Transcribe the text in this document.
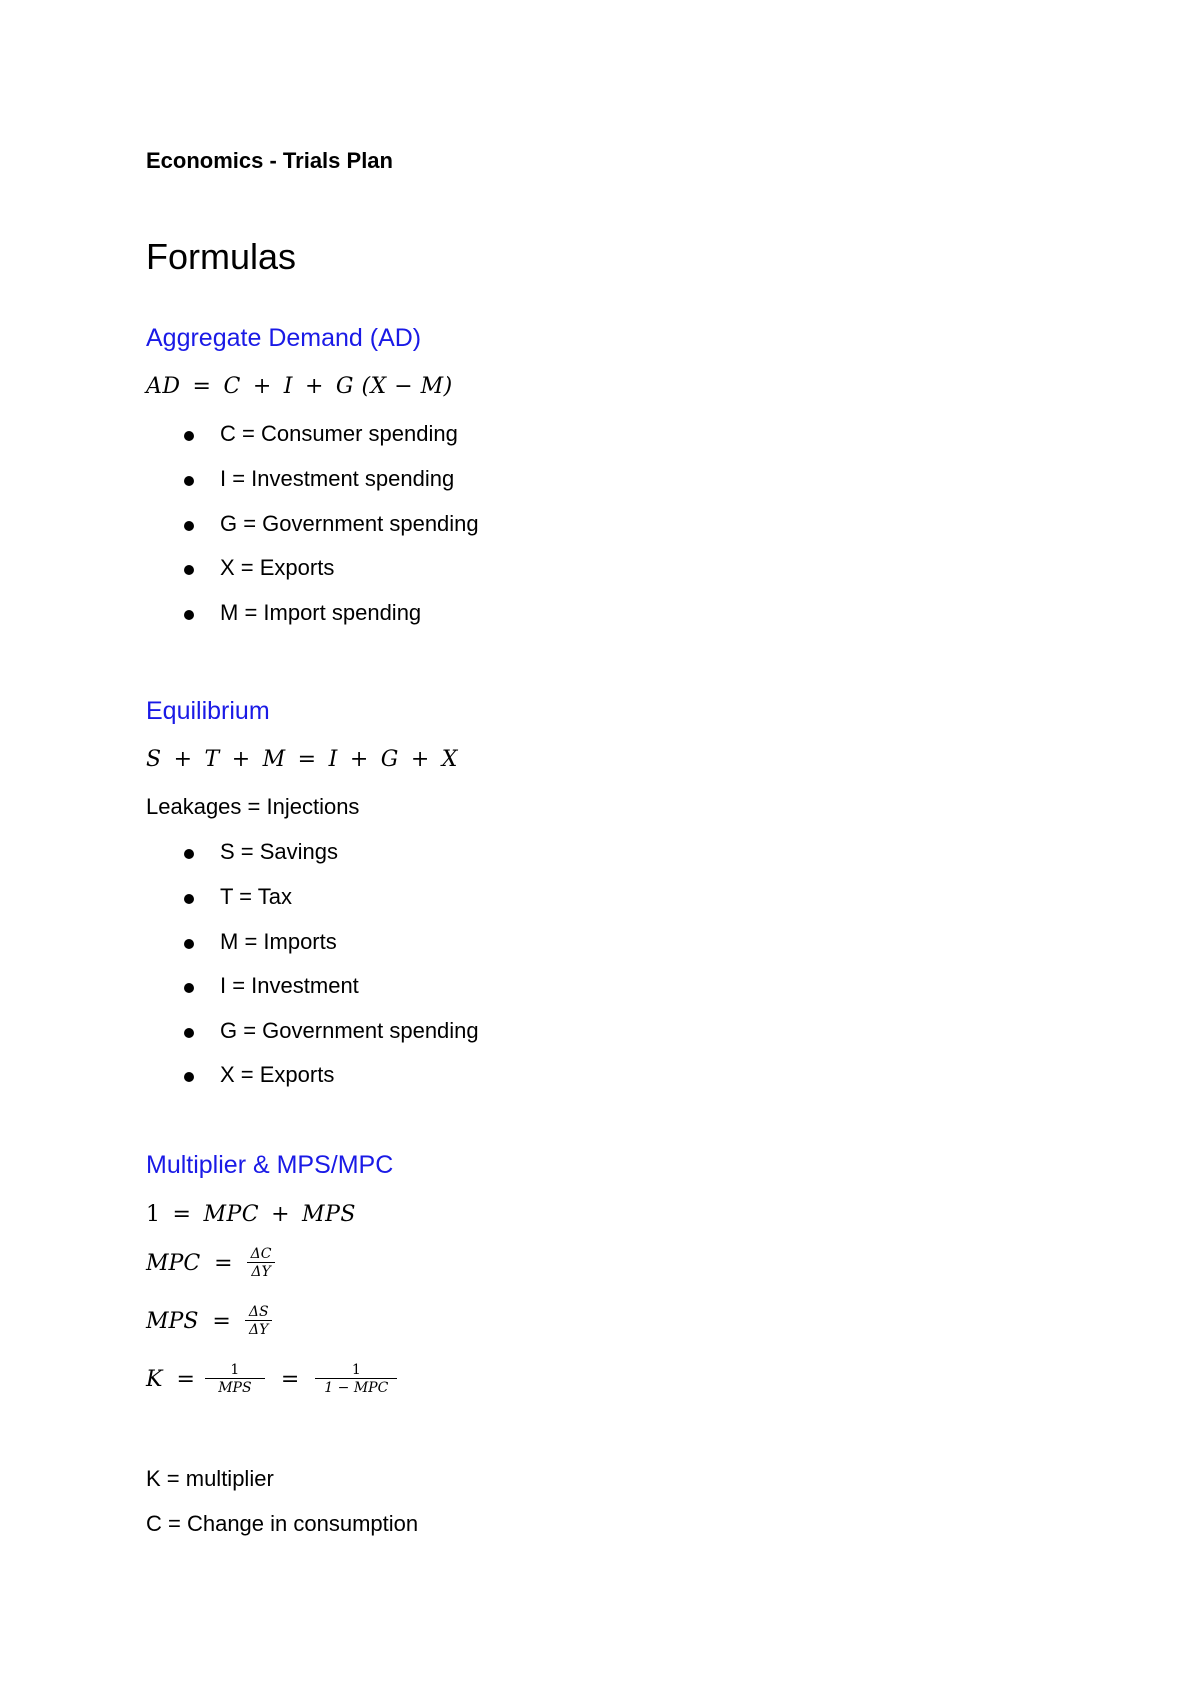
Economics - Trials Plan
Formulas
Aggregate Demand (AD)
AD = C + I + G (X − M)
C = Consumer spending
I = Investment spending
G = Government spending
X = Exports
M = Import spending
Equilibrium
S + T + M = I + G + X
Leakages = Injections
S = Savings
T = Tax
M = Imports
I = Investment
G = Government spending
X = Exports
Multiplier & MPS/MPC
1 = MPC + MPS
MPC = $\frac{\Delta C}{\Delta Y}$
MPS = $\frac{\Delta S}{\Delta Y}$
$K = \frac{1}{\text{MPS}} = \frac{1}{\text{1 − MPC}}$
K = multiplier
C = Change in consumption
